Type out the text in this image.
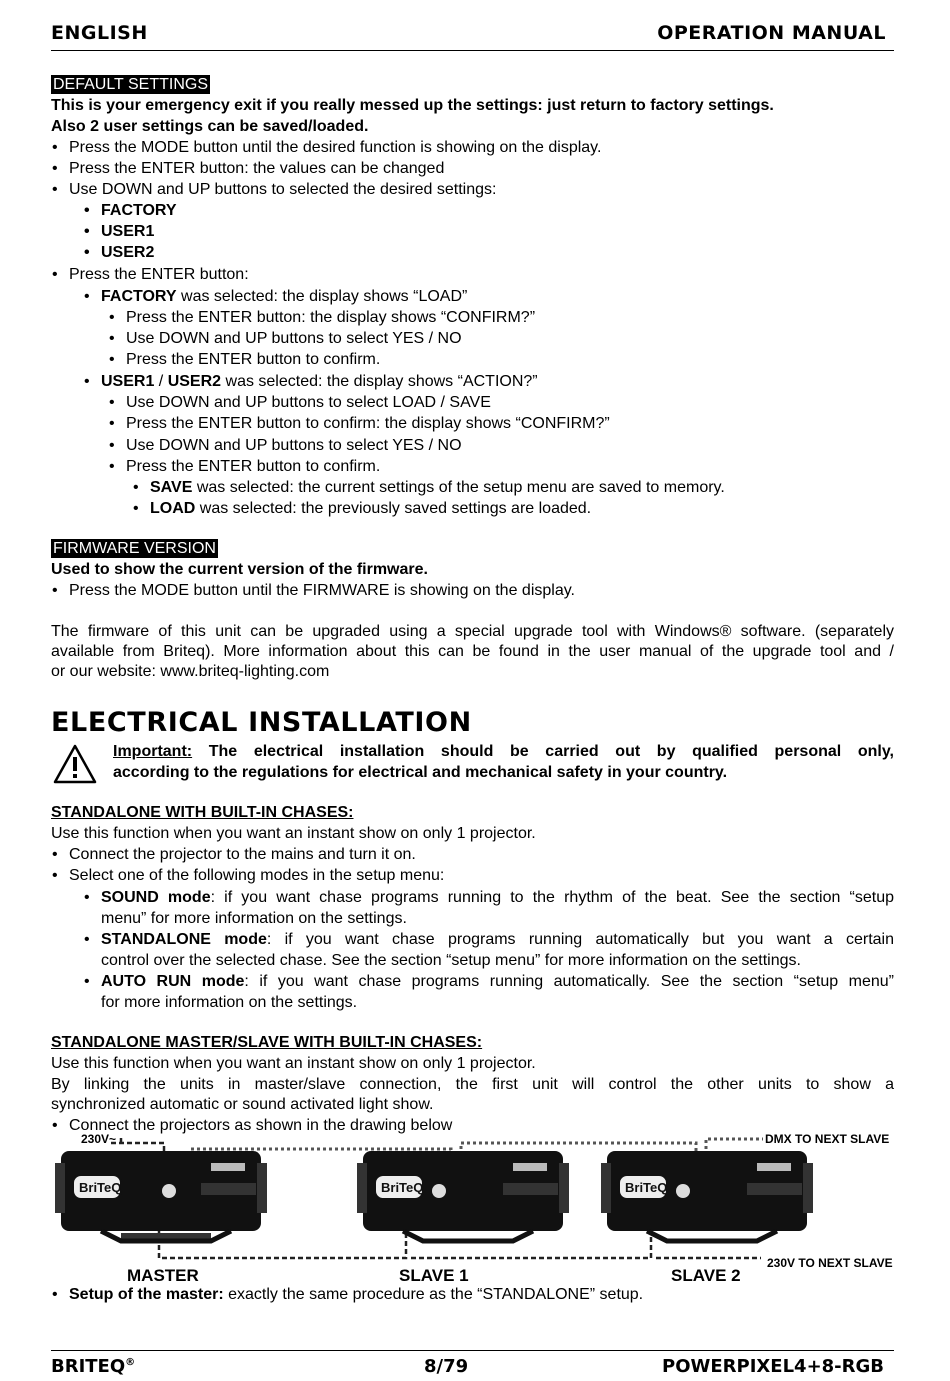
ENGLISH	OPERATION MANUAL
DEFAULT SETTINGS
This is your emergency exit if you really messed up the settings: just return to factory settings.
Also 2 user settings can be saved/loaded.
• Press the MODE button until the desired function is showing on the display.
• Press the ENTER button: the values can be changed
• Use DOWN and UP buttons to selected the desired settings:
• FACTORY
• USER1
• USER2
• Press the ENTER button:
• FACTORY was selected: the display shows “LOAD”
• Press the ENTER button: the display shows “CONFIRM?”
• Use DOWN and UP buttons to select YES / NO
• Press the ENTER button to confirm.
• USER1 / USER2 was selected: the display shows “ACTION?”
• Use DOWN and UP buttons to select LOAD / SAVE
• Press the ENTER button to confirm: the display shows “CONFIRM?”
• Use DOWN and UP buttons to select YES / NO
• Press the ENTER button to confirm.
• SAVE was selected: the current settings of the setup menu are saved to memory.
• LOAD was selected: the previously saved settings are loaded.
FIRMWARE VERSION
Used to show the current version of the firmware.
• Press the MODE button until the FIRMWARE is showing on the display.
The firmware of this unit can be upgraded using a special upgrade tool with Windows® software. (separately
available from Briteq). More information about this can be found in the user manual of the upgrade tool and /
or our website: www.briteq-lighting.com
ELECTRICAL INSTALLATION
Important: The electrical installation should be carried out by qualified personal only,
according to the regulations for electrical and mechanical safety in your country.
STANDALONE WITH BUILT-IN CHASES:
Use this function when you want an instant show on only 1 projector.
• Connect the projector to the mains and turn it on.
• Select one of the following modes in the setup menu:
• SOUND mode: if you want chase programs running to the rhythm of the beat. See the section “setup
menu” for more information on the settings.
• STANDALONE mode: if you want chase programs running automatically but you want a certain
control over the selected chase. See the section “setup menu” for more information on the settings.
• AUTO RUN mode: if you want chase programs running automatically. See the section “setup menu”
for more information on the settings.
STANDALONE MASTER/SLAVE WITH BUILT-IN CHASES:
Use this function when you want an instant show on only 1 projector.
By linking the units in master/slave connection, the first unit will control the other units to show a
synchronized automatic or sound activated light show.
• Connect the projectors as shown in the drawing below
BriTeQ	BriTeQ	BriTeQ
230V~	DMX TO NEXT SLAVE
230V TO NEXT SLAVE
MASTER	SLAVE 1	SLAVE 2
• Setup of the master: exactly the same procedure as the “STANDALONE” setup.
BRITEQ®	8/79	POWERPIXEL4+8-RGB
